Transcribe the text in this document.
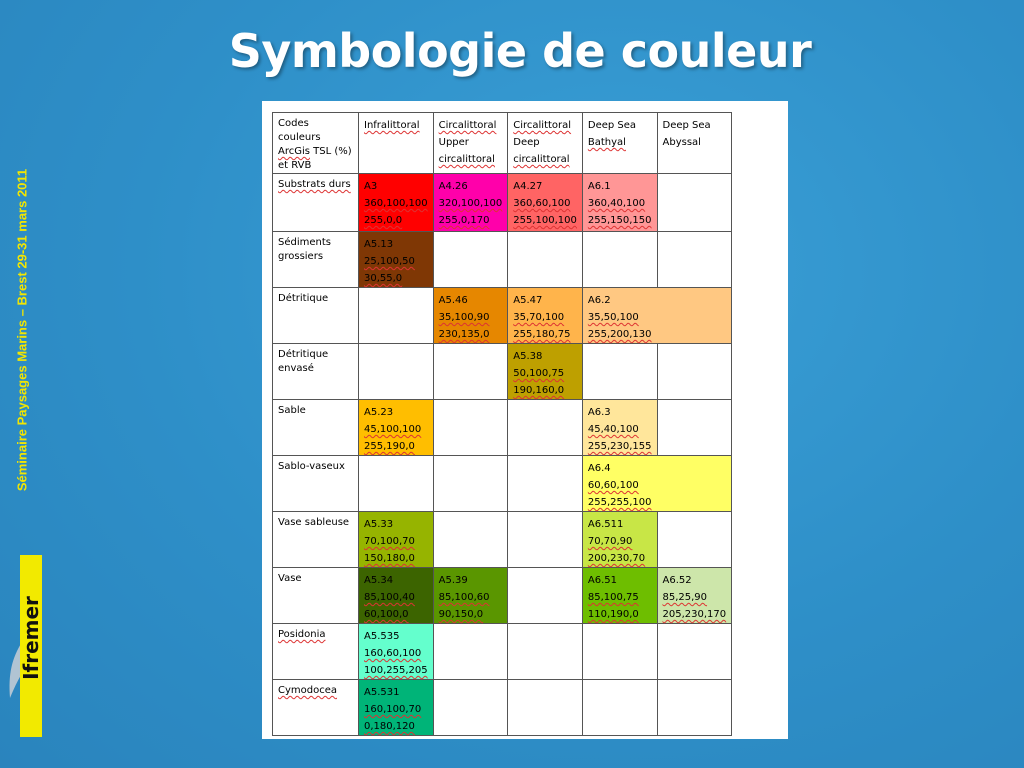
Symbologie de couleur
Séminaire Paysages Marins – Brest 29-31 mars 2011
Ifremer
Codes couleurs
ArcGis TSL (%)
et RVB	Infralittoral	Circalittoral
Upper
circalittoral	Circalittoral
Deep
circalittoral	Deep Sea
Bathyal	Deep Sea
Abyssal
Substrats durs	A3
360,100,100
255,0,0	A4.26
320,100,100
255,0,170	A4.27
360,60,100
255,100,100	A6.1
360,40,100
255,150,150	
Sédiments
grossiers	A5.13
25,100,50
30,55,0				
Détritique		A5.46
35,100,90
230,135,0	A5.47
35,70,100
255,180,75	A6.2
35,50,100
255,200,130	
Détritique
envasé			A5.38
50,100,75
190,160,0		
Sable	A5.23
45,100,100
255,190,0			A6.3
45,40,100
255,230,155	
Sablo-vaseux				A6.4
60,60,100
255,255,100	
Vase sableuse	A5.33
70,100,70
150,180,0			A6.511
70,70,90
200,230,70	
Vase	A5.34
85,100,40
60,100,0	A5.39
85,100,60
90,150,0		A6.51
85,100,75
110,190,0	A6.52
85,25,90
205,230,170
Posidonia	A5.535
160,60,100
100,255,205				
Cymodocea	A5.531
160,100,70
0,180,120				
